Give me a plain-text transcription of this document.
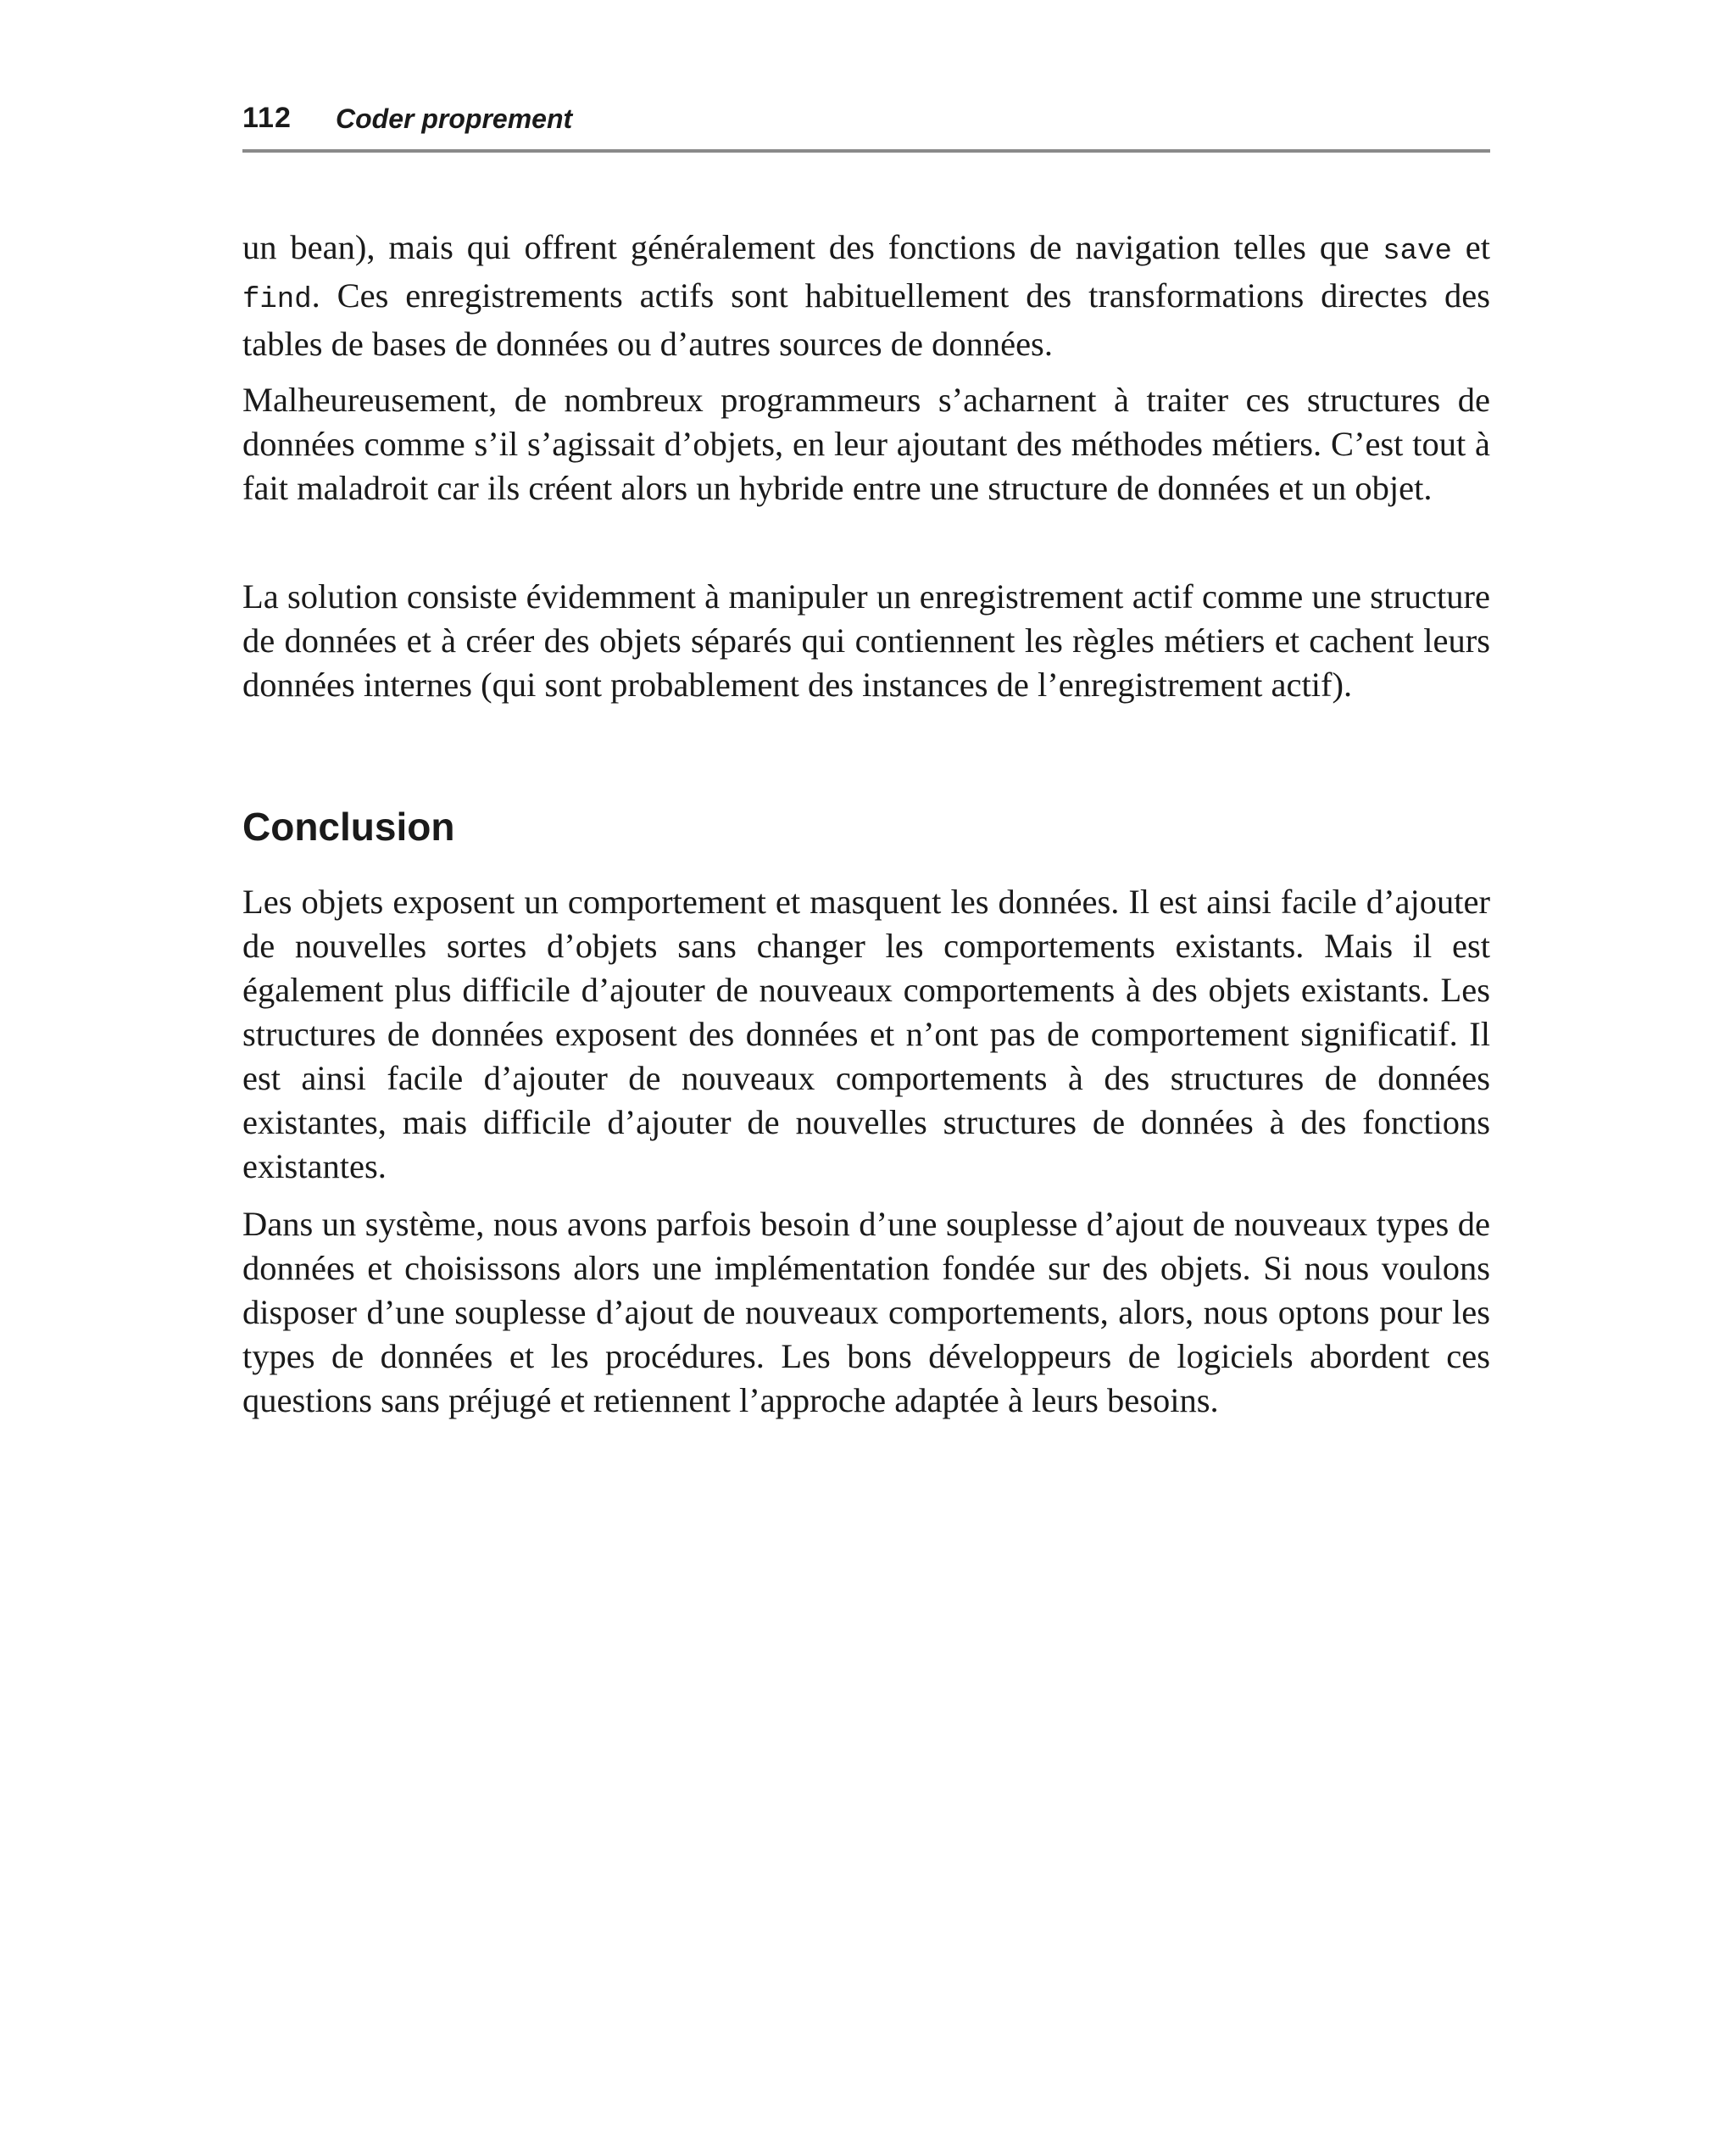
112 Coder proprement

un bean), mais qui offrent généralement des fonctions de navigation telles que save et find. Ces enregistrements actifs sont habituellement des transformations directes des tables de bases de données ou d’autres sources de données.

Malheureusement, de nombreux programmeurs s’acharnent à traiter ces structures de données comme s’il s’agissait d’objets, en leur ajoutant des méthodes métiers. C’est tout à fait maladroit car ils créent alors un hybride entre une structure de données et un objet.

La solution consiste évidemment à manipuler un enregistrement actif comme une structure de données et à créer des objets séparés qui contiennent les règles métiers et cachent leurs données internes (qui sont probablement des instances de l’enregistrement actif).

Conclusion

Les objets exposent un comportement et masquent les données. Il est ainsi facile d’ajouter de nouvelles sortes d’objets sans changer les comportements existants. Mais il est également plus difficile d’ajouter de nouveaux comportements à des objets existants. Les structures de données exposent des données et n’ont pas de comportement significatif. Il est ainsi facile d’ajouter de nouveaux comportements à des structures de données existantes, mais difficile d’ajouter de nouvelles structures de données à des fonctions existantes.

Dans un système, nous avons parfois besoin d’une souplesse d’ajout de nouveaux types de données et choisissons alors une implémentation fondée sur des objets. Si nous voulons disposer d’une souplesse d’ajout de nouveaux comportements, alors, nous optons pour les types de données et les procédures. Les bons développeurs de logiciels abordent ces questions sans préjugé et retiennent l’approche adaptée à leurs besoins.
